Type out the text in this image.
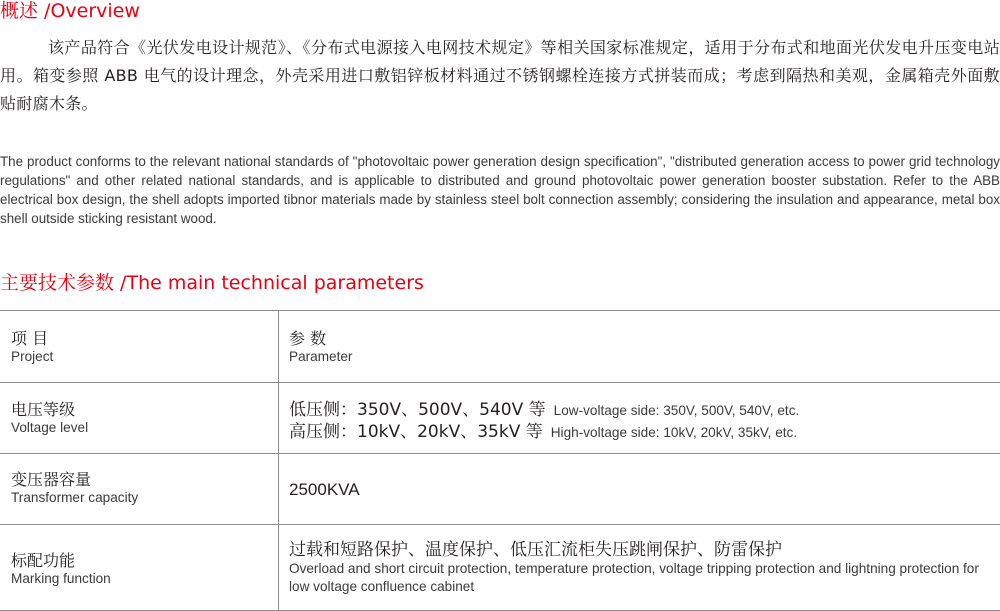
概述 /Overview

该产品符合《光伏发电设计规范》、《分布式电源接入电网技术规定》等相关国家标准规定，适用于分布式和地面光伏发电升压变电站用。箱变参照 ABB 电气的设计理念，外壳采用进口敷铝锌板材料通过不锈钢螺栓连接方式拼装而成；考虑到隔热和美观，金属箱壳外面敷贴耐腐木条。

The product conforms to the relevant national standards of "photovoltaic power generation design specification", "distributed generation access to power grid technology regulations" and other related national standards, and is applicable to distributed and ground photovoltaic power generation booster substation. Refer to the ABB electrical box design, the shell adopts imported tibnor materials made by stainless steel bolt connection assembly; considering the insulation and appearance, metal box shell outside sticking resistant wood.

主要技术参数 /The main technical parameters
项 目
Project
参 数
Parameter
电压等级
Voltage level
低压侧：350V、500V、540V 等 Low-voltage side: 350V, 500V, 540V, etc.
高压侧：10kV、20kV、35kV 等 High-voltage side: 10kV, 20kV, 35kV, etc.
变压器容量
Transformer capacity	2500KVA
标配功能
Marking function
过载和短路保护、温度保护、低压汇流柜失压跳闸保护、防雷保护
Overload and short circuit protection, temperature protection, voltage tripping protection and lightning protection for low voltage confluence cabinet
